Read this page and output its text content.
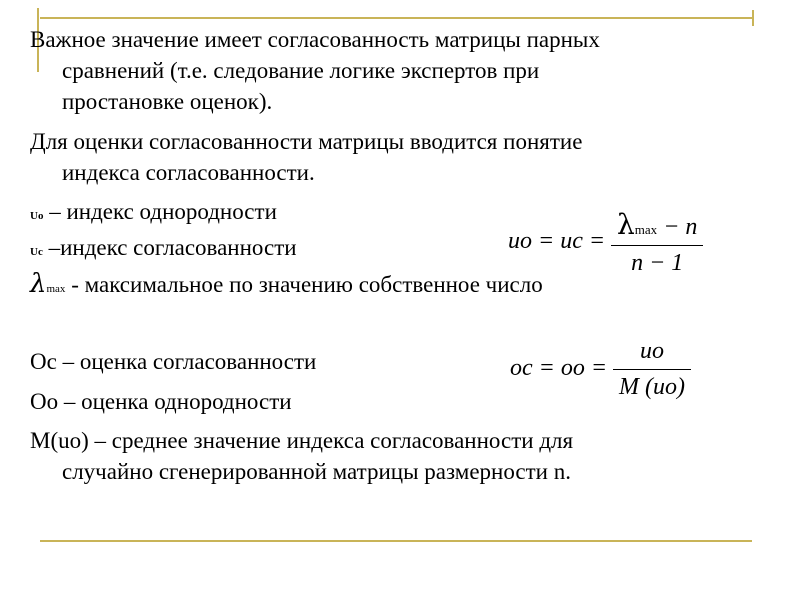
Важное значение имеет согласованность матрицы парных
сравнений (т.е. следование логике экспертов при
простановке оценок).
Для оценки согласованности матрицы вводится понятие
индекса согласованности.
Uo – индекс однородности
Uc –индекс согласованности
λmax - максимальное по значению собственное число
Ос – оценка согласованности
Оо – оценка однородности
М(uo) – среднее значение индекса согласованности для
случайно сгенерированной матрицы размерности n.
uo = uc = $\frac{\lambda\max - n}{n - 1}$
oc = oo = $\frac{uo}{M (uo)}$
